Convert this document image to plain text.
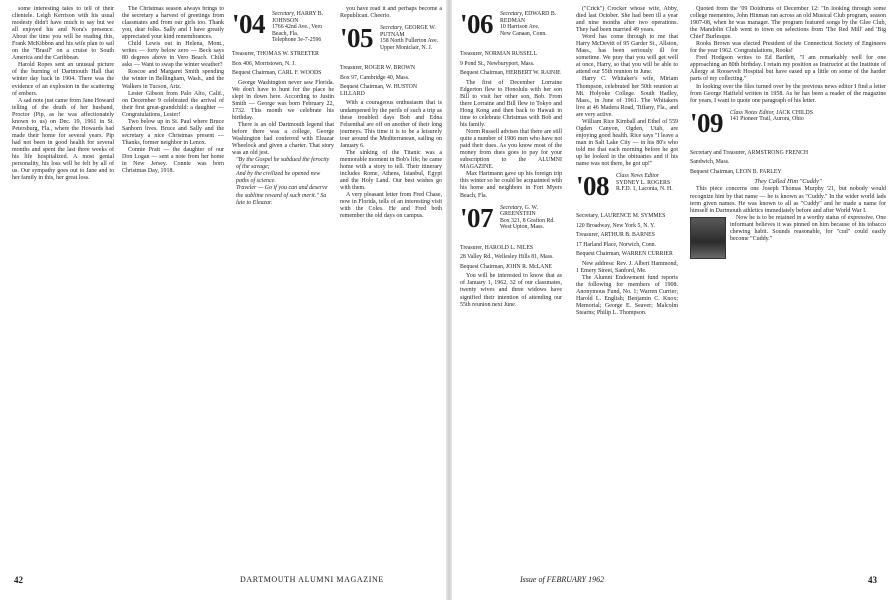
some interesting tales to tell of their clientele. Leigh Kerrison with his usual modesty didn't have much to say but we all enjoyed his and Nora's presence. About the time you will be reading this, Frank McKibbon and his wife plan to sail on the "Brasil" on a cruise to South America and the Caribbean.

Harold Ropes sent an unusual picture of the burning of Dartmouth Hall that winter day back in 1904. There was the evidence of an explosion in the scattering of embers.

A sad note just came from Jane Howard telling of the death of her husband, Proctor (Pip, as he was affectionately known to us) on Dec. 19, 1961 in St. Petersburg, Fla., where the Howards had made their home for several years. Pip had not been in good health for several months and spent the last three weeks of his life hospitalized. A most genial personality, his loss will be felt by all of us. Our sympathy goes out to Jane and to her family in this, her great loss.

The Christmas season always brings to the secretary a harvest of greetings from classmates and from our girls too. Thank you, dear folks. Sally and I have greatly appreciated your kind remembrances.

Child Lewis out in Helena, Mont., writes — forty below zero — Beck says 80 degrees above in Vero Beach. Child asks — Want to swap the winter weather?

Roscoe and Margaret Smith spending the winter in Bellingham, Wash., and the Walkers in Tucson, Ariz.

Lester Gibson from Palo Alto, Calif., on December 9 celebrated the arrival of their first great-grandchild: a daughter — Congratulations, Lester!

Two below up in St. Paul where Bruce Sanborn lives. Bruce and Sally and the secretary a nice Christmas present — Thanks, former neighbor in Lenox.

Connie Pratt — the daughter of our Don Logan — sent a note from her home in New Jersey. Connie was born Christmas Day, 1918.

'04 Secretary, HARRY B. JOHNSON
1766 42nd Ave., Vero Beach, Fla.
Telephone 3e-7-2596
Treasurer, THOMAS W. STREETER
Box 406, Morristown, N. J.
Bequest Chairman, CARL F. WOODS

George Washington never saw Florida. We don't have to hunt for the place he slept in down here. According to Justin Smith — George was born February 22, 1732. This month we celebrate his birthday.

There is an old Dartmouth legend that before there was a college, George Washington had conferred with Eleazar Wheelock and given a charter. That story was an old jest.

"By the Gospel he subdued the ferocity of the savage;
And by the civilized he opened new paths of science.
Traveler — Go if you can and deserve the sublime reward of such merit." Sa lute to Eleazar.

you have read it and perhaps become a Republican. Cheerio.

'05 Secretary, GEORGE W. PUTNAM
158 North Fullerton Ave.
Upper Montclair, N. J.
Treasurer, ROGER W. BROWN
Box 97, Cambridge 40, Mass.
Bequest Chairman, W. HUSTON LILLARD

With a courageous enthusiasm that is undampened by the perils of such a trip as these troubled days Bob and Edna Felsenthal are off on another of their long journeys. This time it is to be a leisurely tour around the Mediterranean, sailing on January 6.

The sinking of the Titanic was a memorable moment in Bob's life; he came home with a story to tell. Their itinerary includes Rome, Athens, Istanbul, Egypt and the Holy Land. Our best wishes go with them.

A very pleasant letter from Fred Chase, now in Florida, tells of an interesting visit with the Coles. He and Fred both remember the old days on campus.

42	DARTMOUTH ALUMNI MAGAZINE
'06 Secretary, EDWARD B. REDMAN
10 Harrison Ave.
New Canaan, Conn.
Treasurer, NORMAN RUSSELL
9 Pond St., Newburyport, Mass.
Bequest Chairman, HERBERT W. RAINIE

The first of December Lorraine Edgerton flew to Honolulu with her son Bill to visit her other son, Bob. From there Lorraine and Bill flew to Tokyo and Hong Kong and then back to Hawaii in time to celebrate Christmas with Bob and his family.

Norm Russell advises that there are still quite a number of 1906 men who have not paid their dues. As you know most of the money from dues goes to pay for your subscription to the ALUMNI MAGAZINE.

Max Hartmann gave up his foreign trip this winter so he could be acquainted with his home and neighbors in Fort Myers Beach, Fla.

'07 Secretary, G. W. GREENSTEIN
Box 321, 8 Grafton Rd.
West Upton, Mass.
Treasurer, HAROLD L. NILES
28 Valley Rd., Wellesley Hills 81, Mass.
Bequest Chairman, JOHN R. McLANE

You will be interested to know that as of January 1, 1962, 32 of our classmates, twenty wives and three widows have signified their intention of attending our 55th reunion next June.

("Crick") Crocker whose wife, Abby, died last October. She had been ill a year and nine months after two operations. They had been married 49 years.

Word has come through to me that Harry McDevitt of 95 Garder St., Allston, Mass., has been seriously ill for sometime. We pray that you will get well at once, Harry, so that you will be able to attend our 55th reunion in June.

Harry C. Whitaker's wife, Miriam Thompson, celebrated her 50th reunion at Mt. Holyoke College. South Hadley, Mass., in June of 1961. The Whitakers live at 46 Madera Road, Tiffany, Fla., and are very active.

William Rice Kimball and Ethel of 559 Ogden Canyon, Ogden, Utah, are enjoying good health. Rice says "I leave a man in Salt Lake City — in his 80's who told me that each morning before he got up he looked in the obituaries and if his name was not there, he got up!"

'08 Class News Editor
SYDNEY L. ROGERS
R.F.D. 1, Laconia, N. H.
Secretary, LAURENCE M. SYMMES
120 Broadway, New York 5, N. Y.
Treasurer, ARTHUR B. BARNES
17 Harland Place, Norwich, Conn.
Bequest Chairman, WARREN CURRIER

New address: Rev. J. Albert Hammond, 1 Emery Street, Sanford, Me.

The Alumni Endowment fund reports the following for members of 1908. Anonymous Fund, No. 1; Warren Currier; Harold L. English; Benjamin C. Knox; Memorial; George E. Seaver; Malcolm Stearns; Philip L. Thompson.

Quoted from the '09 Doldrums of December 12: "In looking through some college mementos, John Hinman ran across an old Musical Club program, season 1907-08, when he was manager. The program featured songs by the Glee Club, the Mandolin Club went to town on selections from 'The Red Mill' and 'Big Chief' Burlesque.

Rooks Brown was elected President of the Connecticut Society of Engineers for the year 1962. Congratulations, Rooks!

Fred Hodgson writes to Ed Bartlett, "I am remarkably well for one approaching an 80th birthday. I retain my position as Instructor at the Institute of Allergy at Roosevelt Hospital but have eased up a little on some of the harder parts of my collecting."

In looking over the files turned over by the previous news editor I find a letter from George Hatfield written in 1958. As he has been a reader of the magazine for years, I want to quote one paragraph of his letter.

'09 Class Notes Editor, JACK CHILDS
141 Pioneer Trail, Aurora, Ohio
Secretary and Treasurer, ARMSTRONG FRENCH
Sandwich, Mass.
Bequest Chairman, LEON B. PARLEY
They Called Him "Cuddy"

This piece concerns one Joseph Thomas Murphy '21, but nobody would recognize him by that name — he is known as "Cuddy." In the wider world lads term given names. He was known to all as "Cuddy" and he made a name for himself in Dartmouth athletics immediately before and after World War I.

Now he is to be retained in a worthy status of expressive. One informant believes it was pinned on him because of his tobacco chewing habit. Sounds reasonable, for "cud" could easily become "Cuddy."

Issue of FEBRUARY 1962	43
